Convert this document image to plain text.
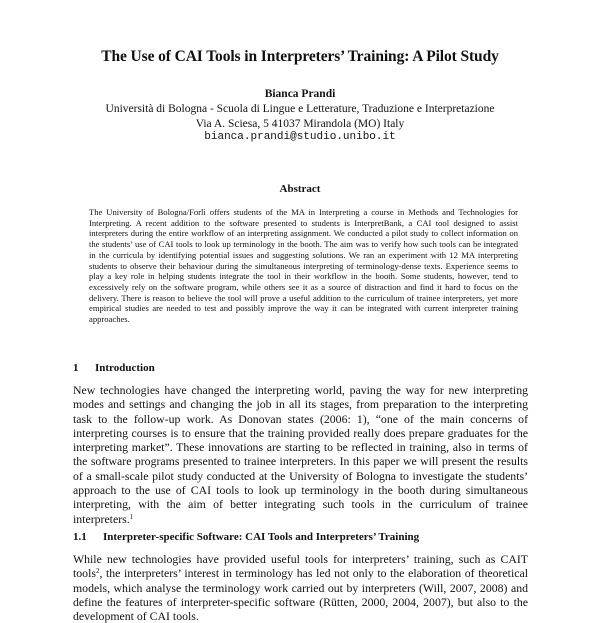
The Use of CAI Tools in Interpreters’ Training: A Pilot Study
Bianca Prandi
Università di Bologna - Scuola di Lingue e Letterature, Traduzione e Interpretazione
Via A. Sciesa, 5 41037 Mirandola (MO) Italy
bianca.prandi@studio.unibo.it
Abstract

The University of Bologna/Forlì offers students of the MA in Interpreting a course in Methods and Technologies for Interpreting. A recent addition to the software presented to students is InterpretBank, a CAI tool designed to assist interpreters during the entire workflow of an interpreting assignment. We conducted a pilot study to collect information on the students’ use of CAI tools to look up terminology in the booth. The aim was to verify how such tools can be integrated in the curricula by identifying potential issues and suggesting solutions. We ran an experiment with 12 MA interpreting students to observe their behaviour during the simultaneous interpreting of terminology-dense texts. Experience seems to play a key role in helping students integrate the tool in their workflow in the booth. Some students, however, tend to excessively rely on the software program, while others see it as a source of distraction and find it hard to focus on the delivery. There is reason to believe the tool will prove a useful addition to the curriculum of trainee interpreters, yet more empirical studies are needed to test and possibly improve the way it can be integrated with current interpreter training approaches.

1 Introduction

New technologies have changed the interpreting world, paving the way for new interpreting modes and settings and changing the job in all its stages, from preparation to the interpreting task to the follow-up work. As Donovan states (2006: 1), “one of the main concerns of interpreting courses is to ensure that the training provided really does prepare graduates for the interpreting market”. These innovations are starting to be reflected in training, also in terms of the software programs presented to trainee interpreters. In this paper we will present the results of a small-scale pilot study conducted at the University of Bologna to investigate the students’ approach to the use of CAI tools to look up terminology in the booth during simultaneous interpreting, with the aim of better integrating such tools in the curriculum of trainee interpreters.$^1$

1.1 Interpreter-specific Software: CAI Tools and Interpreters’ Training

While new technologies have provided useful tools for interpreters’ training, such as CAIT tools$^2$, the interpreters’ interest in terminology has led not only to the elaboration of theoretical models, which analyse the terminology work carried out by interpreters (Will, 2007, 2008) and define the features of interpreter-specific software (Rütten, 2000, 2004, 2007), but also to the development of CAI tools.
